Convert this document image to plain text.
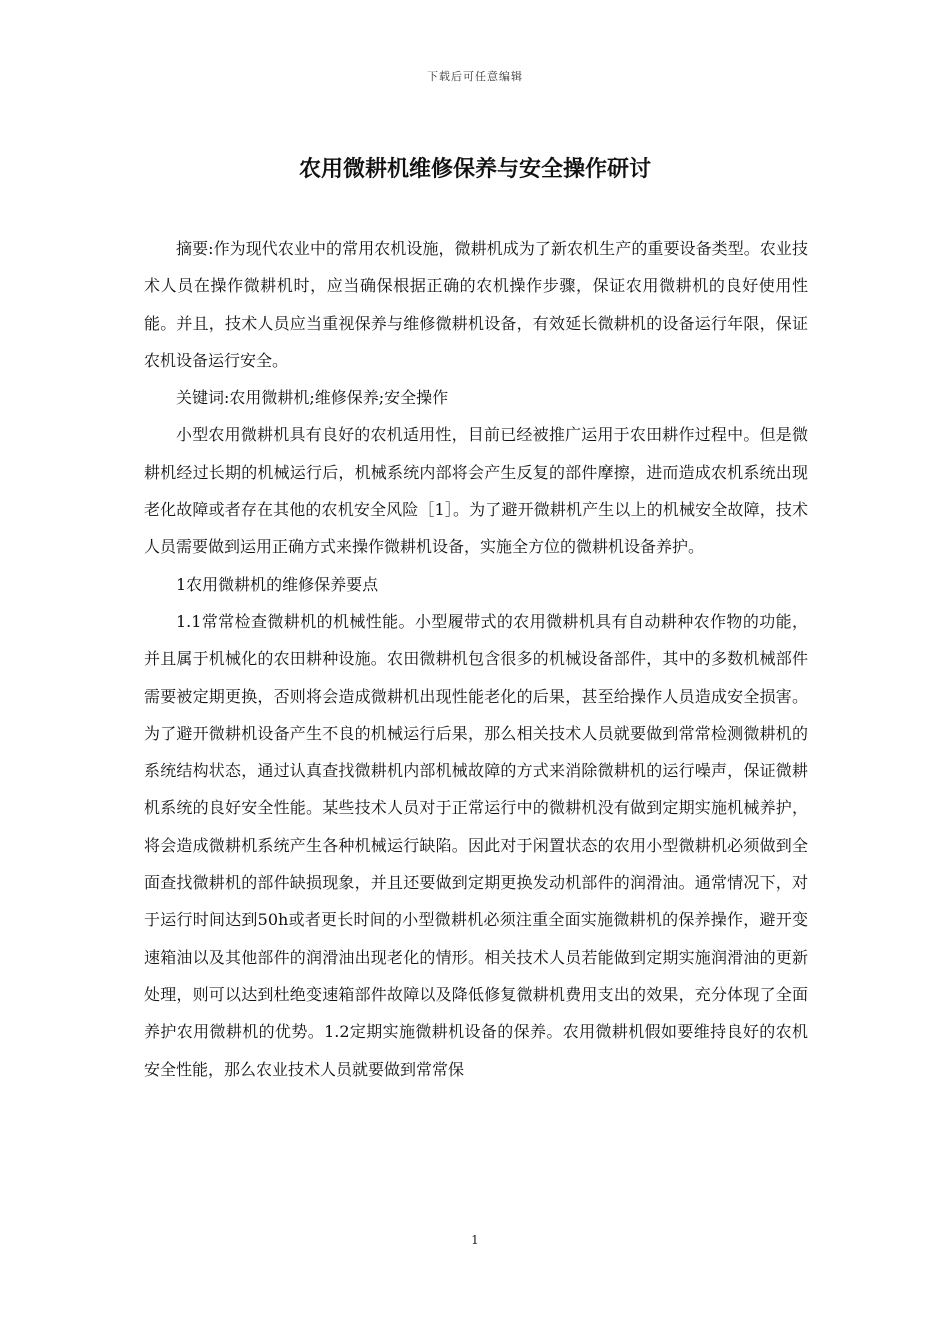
下载后可任意编辑
农用微耕机维修保养与安全操作研讨

摘要:作为现代农业中的常用农机设施，微耕机成为了新农机生产的重要设备类型。农业技术人员在操作微耕机时，应当确保根据正确的农机操作步骤，保证农用微耕机的良好使用性能。并且，技术人员应当重视保养与维修微耕机设备，有效延长微耕机的设备运行年限，保证农机设备运行安全。

关键词:农用微耕机;维修保养;安全操作

小型农用微耕机具有良好的农机适用性，目前已经被推广运用于农田耕作过程中。但是微耕机经过长期的机械运行后，机械系统内部将会产生反复的部件摩擦，进而造成农机系统出现老化故障或者存在其他的农机安全风险［1］。为了避开微耕机产生以上的机械安全故障，技术人员需要做到运用正确方式来操作微耕机设备，实施全方位的微耕机设备养护。

1农用微耕机的维修保养要点

1.1常常检查微耕机的机械性能。小型履带式的农用微耕机具有自动耕种农作物的功能，并且属于机械化的农田耕种设施。农田微耕机包含很多的机械设备部件，其中的多数机械部件需要被定期更换，否则将会造成微耕机出现性能老化的后果，甚至给操作人员造成安全损害。为了避开微耕机设备产生不良的机械运行后果，那么相关技术人员就要做到常常检测微耕机的系统结构状态，通过认真查找微耕机内部机械故障的方式来消除微耕机的运行噪声，保证微耕机系统的良好安全性能。某些技术人员对于正常运行中的微耕机没有做到定期实施机械养护，将会造成微耕机系统产生各种机械运行缺陷。因此对于闲置状态的农用小型微耕机必须做到全面查找微耕机的部件缺损现象，并且还要做到定期更换发动机部件的润滑油。通常情况下，对于运行时间达到50h或者更长时间的小型微耕机必须注重全面实施微耕机的保养操作，避开变速箱油以及其他部件的润滑油出现老化的情形。相关技术人员若能做到定期实施润滑油的更新处理，则可以达到杜绝变速箱部件故障以及降低修复微耕机费用支出的效果，充分体现了全面养护农用微耕机的优势。1.2定期实施微耕机设备的保养。农用微耕机假如要维持良好的农机安全性能，那么农业技术人员就要做到常常保

1
